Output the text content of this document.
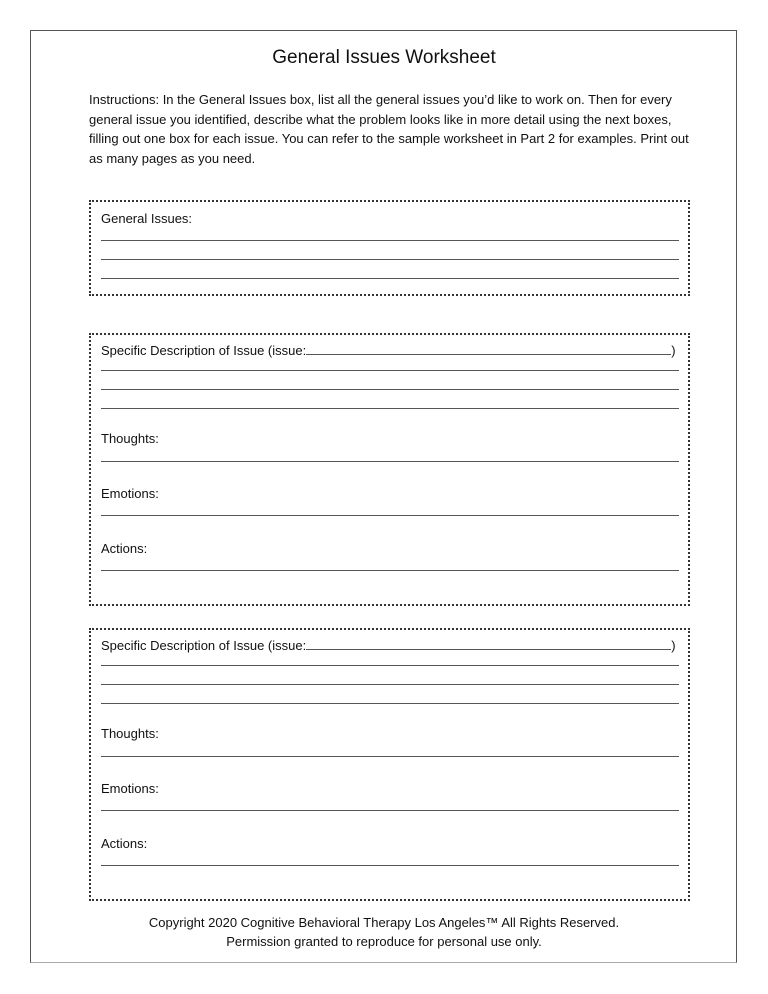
General Issues Worksheet
Instructions: In the General Issues box, list all the general issues you’d like to work on. Then for every general issue you identified, describe what the problem looks like in more detail using the next boxes, filling out one box for each issue. You can refer to the sample worksheet in Part 2 for examples. Print out as many pages as you need.
General Issues:
Specific Description of Issue (issue:	)
Thoughts:
Emotions:
Actions:
Specific Description of Issue (issue:	)
Thoughts:
Emotions:
Actions:
Copyright 2020 Cognitive Behavioral Therapy Los Angeles™ All Rights Reserved.
Permission granted to reproduce for personal use only.
